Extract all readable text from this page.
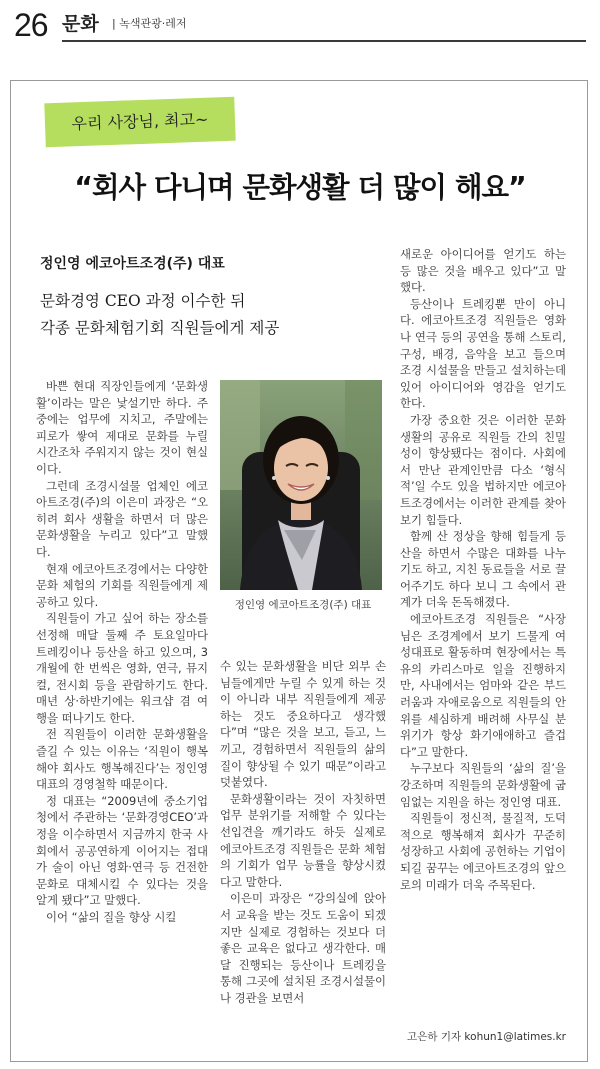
26 문화 | 녹색관광·레저
우리 사장님, 최고~
“회사 다니며 문화생활 더 많이 해요”
정인영 에코아트조경(주) 대표
문화경영 CEO 과정 이수한 뒤
각종 문화체험기회 직원들에게 제공

바쁜 현대 직장인들에게 ‘문화생활’이라는 말은 낯설기만 하다. 주중에는 업무에 지치고, 주말에는 피로가 쌓여 제대로 문화를 누릴 시간조차 주워지지 않는 것이 현실이다.

그런데 조경시설물 업체인 에코아트조경(주)의 이은미 과장은 “오히려 회사 생활을 하면서 더 많은 문화생활을 누리고 있다”고 말했다.

현재 에코아트조경에서는 다양한 문화 체험의 기회를 직원들에게 제공하고 있다.

직원들이 가고 싶어 하는 장소를 선정해 매달 둘째 주 토요일마다 트레킹이나 등산을 하고 있으며, 3개월에 한 번씩은 영화, 연극, 뮤지컬, 전시회 등을 관람하기도 한다. 매년 상·하반기에는 워크샵 겸 여행을 떠나기도 한다.

전 직원들이 이러한 문화생활을 즐길 수 있는 이유는 ‘직원이 행복해야 회사도 행복해진다’는 정인영 대표의 경영철학 때문이다.

정 대표는 “2009년에 중소기업청에서 주관하는 ‘문화경영CEO’과정을 이수하면서 지금까지 한국 사회에서 공공연하게 이어지는 접대가 술이 아닌 영화·연극 등 건전한 문화로 대체시킬 수 있다는 것을 알게 됐다”고 말했다.

이어 “삶의 질을 향상 시킬

정인영 에코아트조경(주) 대표

수 있는 문화생활을 비단 외부 손님들에게만 누릴 수 있게 하는 것이 아니라 내부 직원들에게 제공하는 것도 중요하다고 생각했다”며 “많은 것을 보고, 듣고, 느끼고, 경험하면서 직원들의 삶의 질이 향상될 수 있기 때문”이라고 덧붙였다.

문화생활이라는 것이 자칫하면 업무 분위기를 저해할 수 있다는 선입견을 깨기라도 하듯 실제로 에코아트조경 직원들은 문화 체험의 기회가 업무 능률을 향상시켰다고 말한다.

이은미 과장은 “강의실에 앉아서 교육을 받는 것도 도움이 되겠지만 실제로 경험하는 것보다 더 좋은 교육은 없다고 생각한다. 매달 진행되는 등산이나 트레킹을 통해 그곳에 설치된 조경시설물이나 경관을 보면서

새로운 아이디어를 얻기도 하는 등 많은 것을 배우고 있다”고 말했다.

등산이나 트레킹뿐 만이 아니다. 에코아트조경 직원들은 영화나 연극 등의 공연을 통해 스토리, 구성, 배경, 음악을 보고 들으며 조경 시설물을 만들고 설치하는데 있어 아이디어와 영감을 얻기도 한다.

가장 중요한 것은 이러한 문화생활의 공유로 직원들 간의 친밀성이 향상됐다는 점이다. 사회에서 만난 관계인만큼 다소 ‘형식적’일 수도 있을 법하지만 에코아트조경에서는 이러한 관계를 찾아보기 힘들다.

함께 산 정상을 향해 힘들게 등산을 하면서 수많은 대화를 나누기도 하고, 지친 동료들을 서로 끌어주기도 하다 보니 그 속에서 관계가 더욱 돈독해졌다.

에코아트조경 직원들은 “사장님은 조경계에서 보기 드물게 여성대표로 활동하며 현장에서는 특유의 카리스마로 일을 진행하지만, 사내에서는 엄마와 같은 부드러움과 자애로움으로 직원들의 안위를 세심하게 배려해 사무실 분위기가 항상 화기애애하고 즐겁다”고 말한다.

누구보다 직원들의 ‘삶의 질’을 강조하며 직원들의 문화생활에 굽임없는 지원을 하는 정인영 대표.

직원들이 정신적, 물질적, 도덕적으로 행복해져 회사가 꾸준히 성장하고 사회에 공헌하는 기업이 되길 꿈꾸는 에코아트조경의 앞으로의 미래가 더욱 주목된다.

고은하 기자 kohun1@latimes.kr
